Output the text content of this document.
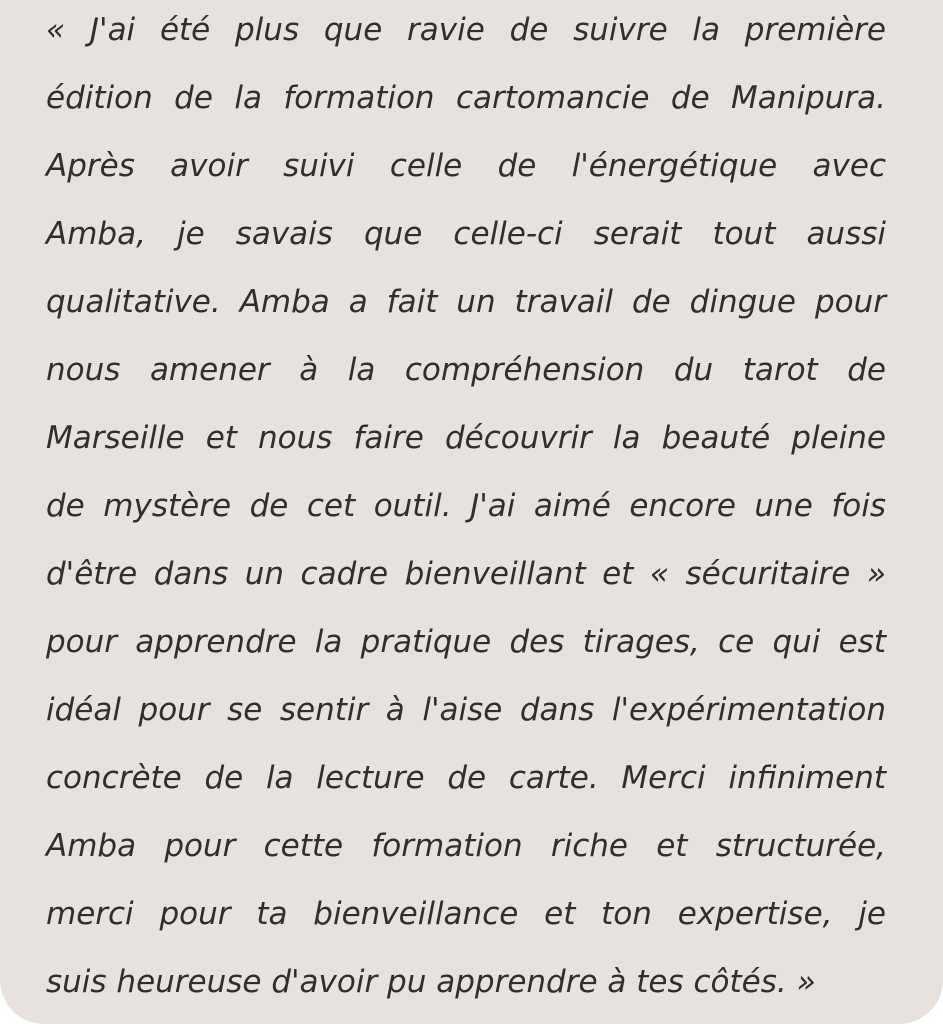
« J'ai été plus que ravie de suivre la première
édition de la formation cartomancie de Manipura.
Après avoir suivi celle de l'énergétique avec
Amba, je savais que celle-ci serait tout aussi
qualitative. Amba a fait un travail de dingue pour
nous amener à la compréhension du tarot de
Marseille et nous faire découvrir la beauté pleine
de mystère de cet outil. J'ai aimé encore une fois
d'être dans un cadre bienveillant et « sécuritaire »
pour apprendre la pratique des tirages, ce qui est
idéal pour se sentir à l'aise dans l'expérimentation
concrète de la lecture de carte. Merci infiniment
Amba pour cette formation riche et structurée,
merci pour ta bienveillance et ton expertise, je
suis heureuse d'avoir pu apprendre à tes côtés. »
